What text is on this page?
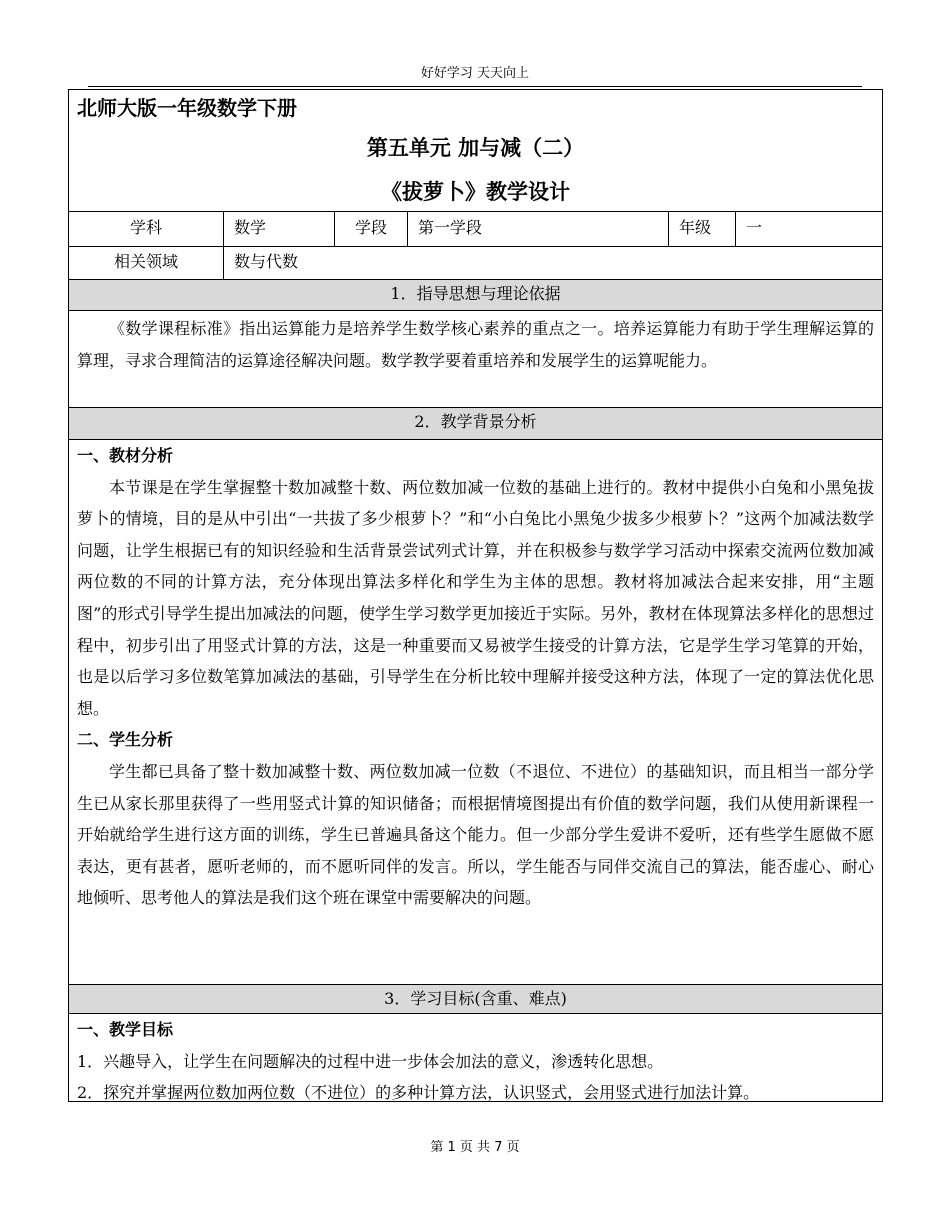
好好学习 天天向上
北师大版一年级数学下册
第五单元 加与减（二）
《拔萝卜》教学设计
学科	数学	学段	第一学段	年级	一
相关领域	数与代数
1．指导思想与理论依据
《数学课程标准》指出运算能力是培养学生数学核心素养的重点之一。培养运算能力有助于学生理解运算的算理，寻求合理简洁的运算途径解决问题。数学教学要着重培养和发展学生的运算呢能力。
2．教学背景分析
一、教材分析
本节课是在学生掌握整十数加减整十数、两位数加减一位数的基础上进行的。教材中提供小白兔和小黑兔拔萝卜的情境，目的是从中引出“一共拔了多少根萝卜？”和“小白兔比小黑兔少拔多少根萝卜？”这两个加减法数学问题，让学生根据已有的知识经验和生活背景尝试列式计算，并在积极参与数学学习活动中探索交流两位数加减两位数的不同的计算方法，充分体现出算法多样化和学生为主体的思想。教材将加减法合起来安排，用“主题图”的形式引导学生提出加减法的问题，使学生学习数学更加接近于实际。另外，教材在体现算法多样化的思想过程中，初步引出了用竖式计算的方法，这是一种重要而又易被学生接受的计算方法，它是学生学习笔算的开始，也是以后学习多位数笔算加减法的基础，引导学生在分析比较中理解并接受这种方法，体现了一定的算法优化思想。
二、学生分析
学生都已具备了整十数加减整十数、两位数加减一位数（不退位、不进位）的基础知识，而且相当一部分学生已从家长那里获得了一些用竖式计算的知识储备；而根据情境图提出有价值的数学问题，我们从使用新课程一开始就给学生进行这方面的训练，学生已普遍具备这个能力。但一少部分学生爱讲不爱听，还有些学生愿做不愿表达，更有甚者，愿听老师的，而不愿听同伴的发言。所以，学生能否与同伴交流自己的算法，能否虚心、耐心地倾听、思考他人的算法是我们这个班在课堂中需要解决的问题。
3．学习目标(含重、难点)
一、教学目标
1．兴趣导入，让学生在问题解决的过程中进一步体会加法的意义，渗透转化思想。
2．探究并掌握两位数加两位数（不进位）的多种计算方法，认识竖式，会用竖式进行加法计算。
第 1 页 共 7 页
